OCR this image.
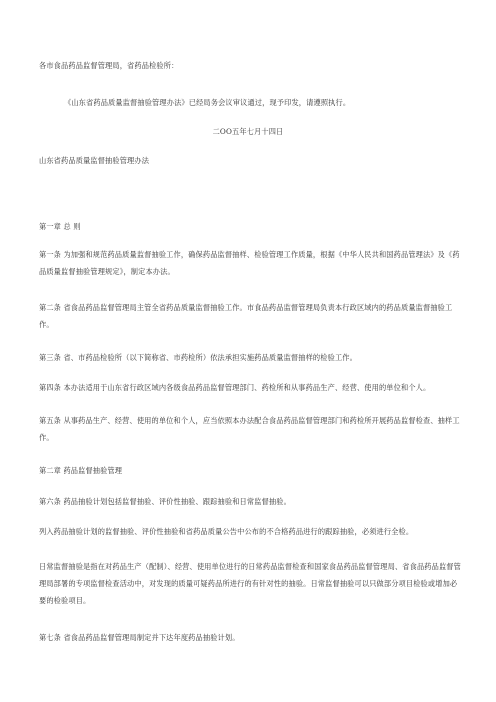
各市食品药品监督管理局，省药品检验所：
《山东省药品质量监督抽验管理办法》已经局务会议审议通过，现予印发，请遵照执行。
二OO五年七月十四日
山东省药品质量监督抽验管理办法
第一章 总 则
第一条 为加强和规范药品质量监督抽验工作，确保药品监督抽样、检验管理工作质量，根据《中华人民共和国药品管理法》及《药品质量监督抽验管理规定》，制定本办法。
第二条 省食品药品监督管理局主管全省药品质量监督抽验工作。市食品药品监督管理局负责本行政区域内的药品质量监督抽验工作。
第三条 省、市药品检验所（以下简称省、市药检所）依法承担实施药品质量监督抽样的检验工作。
第四条 本办法适用于山东省行政区域内各级食品药品监督管理部门、药检所和从事药品生产、经营、使用的单位和个人。
第五条 从事药品生产、经营、使用的单位和个人，应当依照本办法配合食品药品监督管理部门和药检所开展药品监督检查、抽样工作。
第二章 药品监督抽验管理
第六条 药品抽验计划包括监督抽验、评价性抽验、跟踪抽验和日常监督抽验。
列入药品抽验计划的监督抽验、评价性抽验和省药品质量公告中公布的不合格药品进行的跟踪抽验，必须进行全检。
日常监督抽验是指在对药品生产（配制）、经营、使用单位进行的日常药品监督检查和国家食品药品监督管理局、省食品药品监督管理局部署的专项监督检查活动中，对发现的质量可疑药品所进行的有针对性的抽验。日常监督抽验可以只做部分项目检验或增加必要的检验项目。
第七条 省食品药品监督管理局制定并下达年度药品抽验计划。
